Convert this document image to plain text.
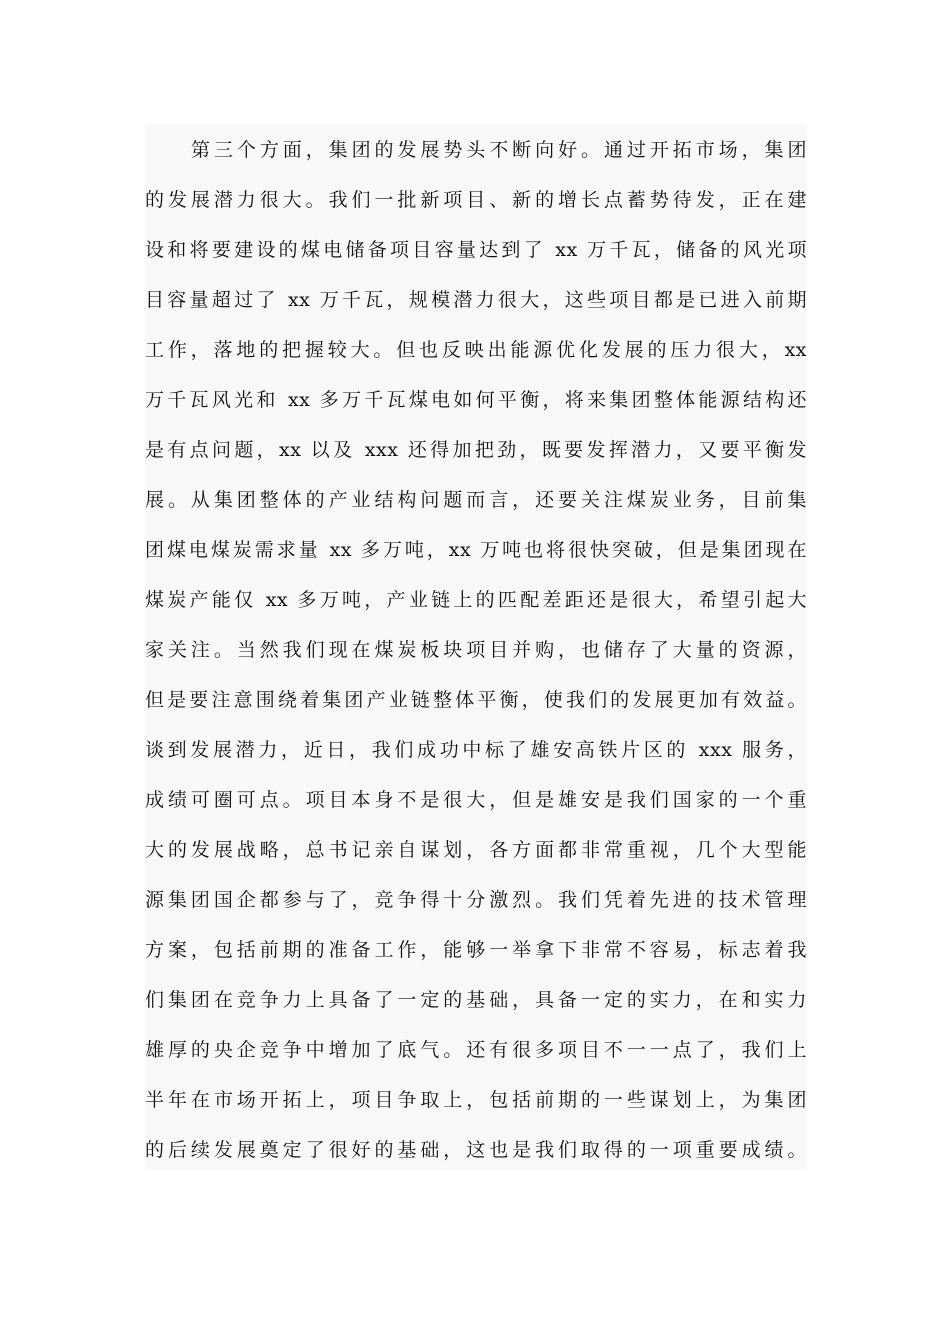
第三个方面，集团的发展势头不断向好。通过开拓市场，集团
的发展潜力很大。我们一批新项目、新的增长点蓄势待发，正在建
设和将要建设的煤电储备项目容量达到了 xx 万千瓦，储备的风光项
目容量超过了 xx 万千瓦，规模潜力很大，这些项目都是已进入前期
工作，落地的把握较大。但也反映出能源优化发展的压力很大，xx
万千瓦风光和 xx 多万千瓦煤电如何平衡，将来集团整体能源结构还
是有点问题，xx 以及 xxx 还得加把劲，既要发挥潜力，又要平衡发
展。从集团整体的产业结构问题而言，还要关注煤炭业务，目前集
团煤电煤炭需求量 xx 多万吨，xx 万吨也将很快突破，但是集团现在
煤炭产能仅 xx 多万吨，产业链上的匹配差距还是很大，希望引起大
家关注。当然我们现在煤炭板块项目并购，也储存了大量的资源，
但是要注意围绕着集团产业链整体平衡，使我们的发展更加有效益。
谈到发展潜力，近日，我们成功中标了雄安高铁片区的 xxx 服务，
成绩可圈可点。项目本身不是很大，但是雄安是我们国家的一个重
大的发展战略，总书记亲自谋划，各方面都非常重视，几个大型能
源集团国企都参与了，竞争得十分激烈。我们凭着先进的技术管理
方案，包括前期的准备工作，能够一举拿下非常不容易，标志着我
们集团在竞争力上具备了一定的基础，具备一定的实力，在和实力
雄厚的央企竞争中增加了底气。还有很多项目不一一点了，我们上
半年在市场开拓上，项目争取上，包括前期的一些谋划上，为集团
的后续发展奠定了很好的基础，这也是我们取得的一项重要成绩。
